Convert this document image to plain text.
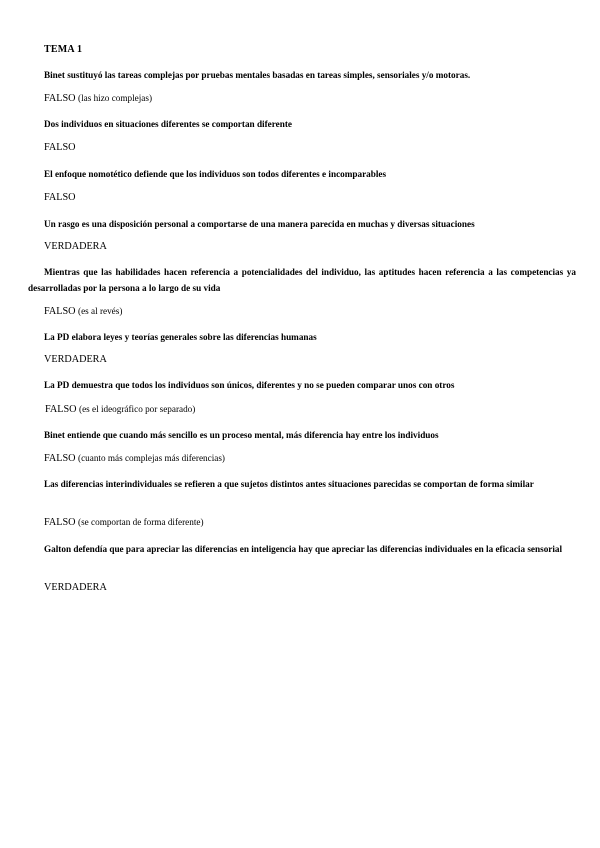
TEMA 1
Binet sustituyó las tareas complejas por pruebas mentales basadas en tareas simples, sensoriales y/o motoras.
FALSO (las hizo complejas)
Dos individuos en situaciones diferentes se comportan diferente
FALSO
El enfoque nomotético defiende que los individuos son todos diferentes e incomparables
FALSO
Un rasgo es una disposición personal a comportarse de una manera parecida en muchas y diversas situaciones
VERDADERA
Mientras que las habilidades hacen referencia a potencialidades del individuo, las aptitudes hacen referencia a las competencias ya desarrolladas por la persona a lo largo de su vida
FALSO (es al revés)
La PD elabora leyes y teorías generales sobre las diferencias humanas
VERDADERA
La PD demuestra que todos los individuos son únicos, diferentes y no se pueden comparar unos con otros
FALSO (es el ideográfico por separado)
Binet entiende que cuando más sencillo es un proceso mental, más diferencia hay entre los individuos
FALSO (cuanto más complejas más diferencias)
Las diferencias interindividuales se refieren a que sujetos distintos antes situaciones parecidas se comportan de forma similar
FALSO (se comportan de forma diferente)
Galton defendía que para apreciar las diferencias en inteligencia hay que apreciar las diferencias individuales en la eficacia sensorial
VERDADERA
